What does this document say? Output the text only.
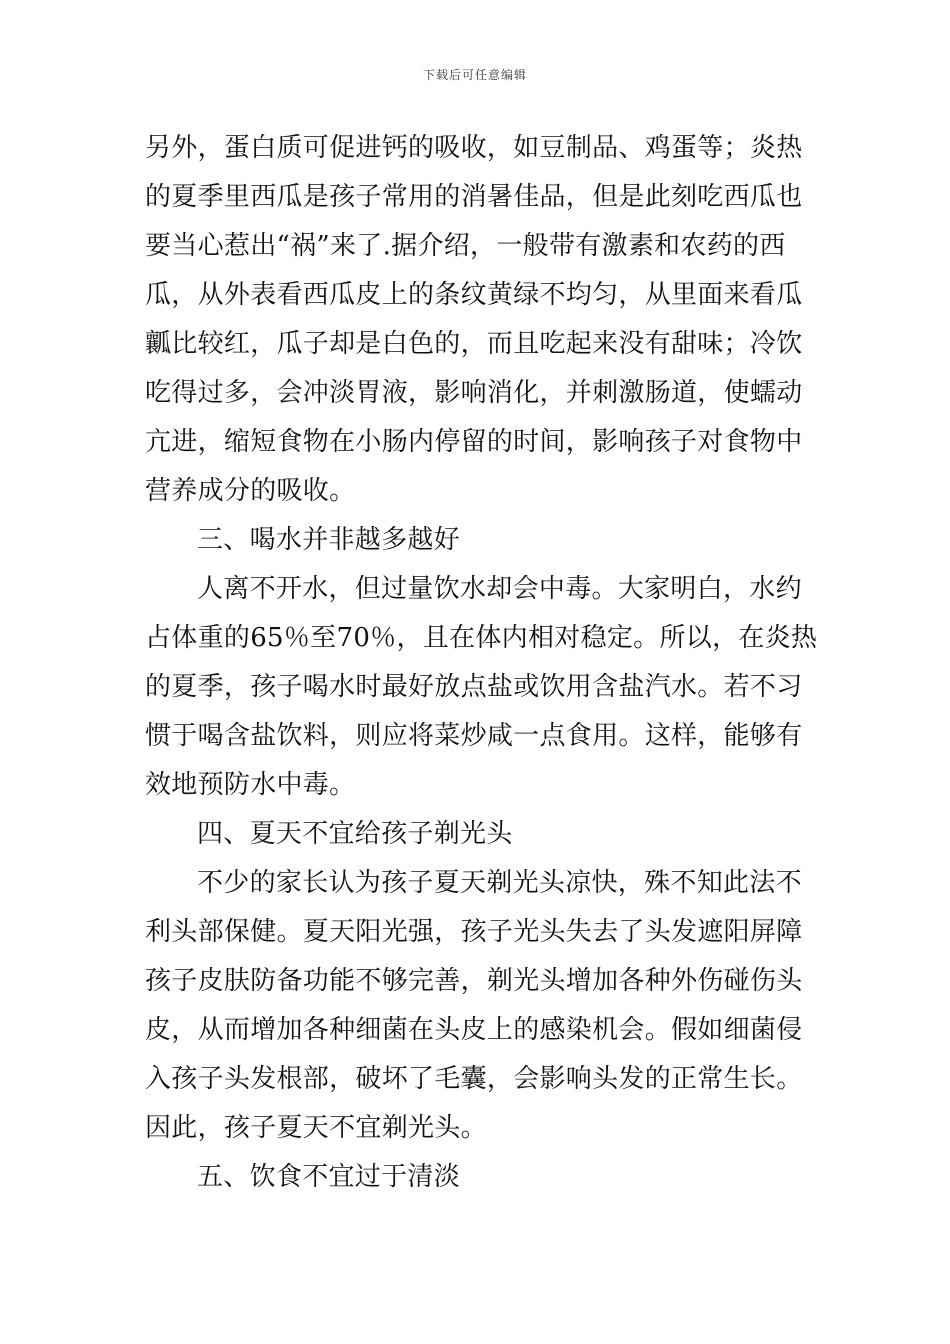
下载后可任意编辑
另外，蛋白质可促进钙的吸收，如豆制品、鸡蛋等；炎热
的夏季里西瓜是孩子常用的消暑佳品，但是此刻吃西瓜也
要当心惹出“祸”来了.据介绍，一般带有激素和农药的西
瓜，从外表看西瓜皮上的条纹黄绿不均匀，从里面来看瓜
瓤比较红，瓜子却是白色的，而且吃起来没有甜味；冷饮
吃得过多，会冲淡胃液，影响消化，并刺激肠道，使蠕动
亢进，缩短食物在小肠内停留的时间，影响孩子对食物中
营养成分的吸收。
三、喝水并非越多越好
人离不开水，但过量饮水却会中毒。大家明白，水约
占体重的65％至70％，且在体内相对稳定。所以，在炎热
的夏季，孩子喝水时最好放点盐或饮用含盐汽水。若不习
惯于喝含盐饮料，则应将菜炒咸一点食用。这样，能够有
效地预防水中毒。
四、夏天不宜给孩子剃光头
不少的家长认为孩子夏天剃光头凉快，殊不知此法不
利头部保健。夏天阳光强，孩子光头失去了头发遮阳屏障
孩子皮肤防备功能不够完善，剃光头增加各种外伤碰伤头
皮，从而增加各种细菌在头皮上的感染机会。假如细菌侵
入孩子头发根部，破坏了毛囊，会影响头发的正常生长。
因此，孩子夏天不宜剃光头。
五、饮食不宜过于清淡
